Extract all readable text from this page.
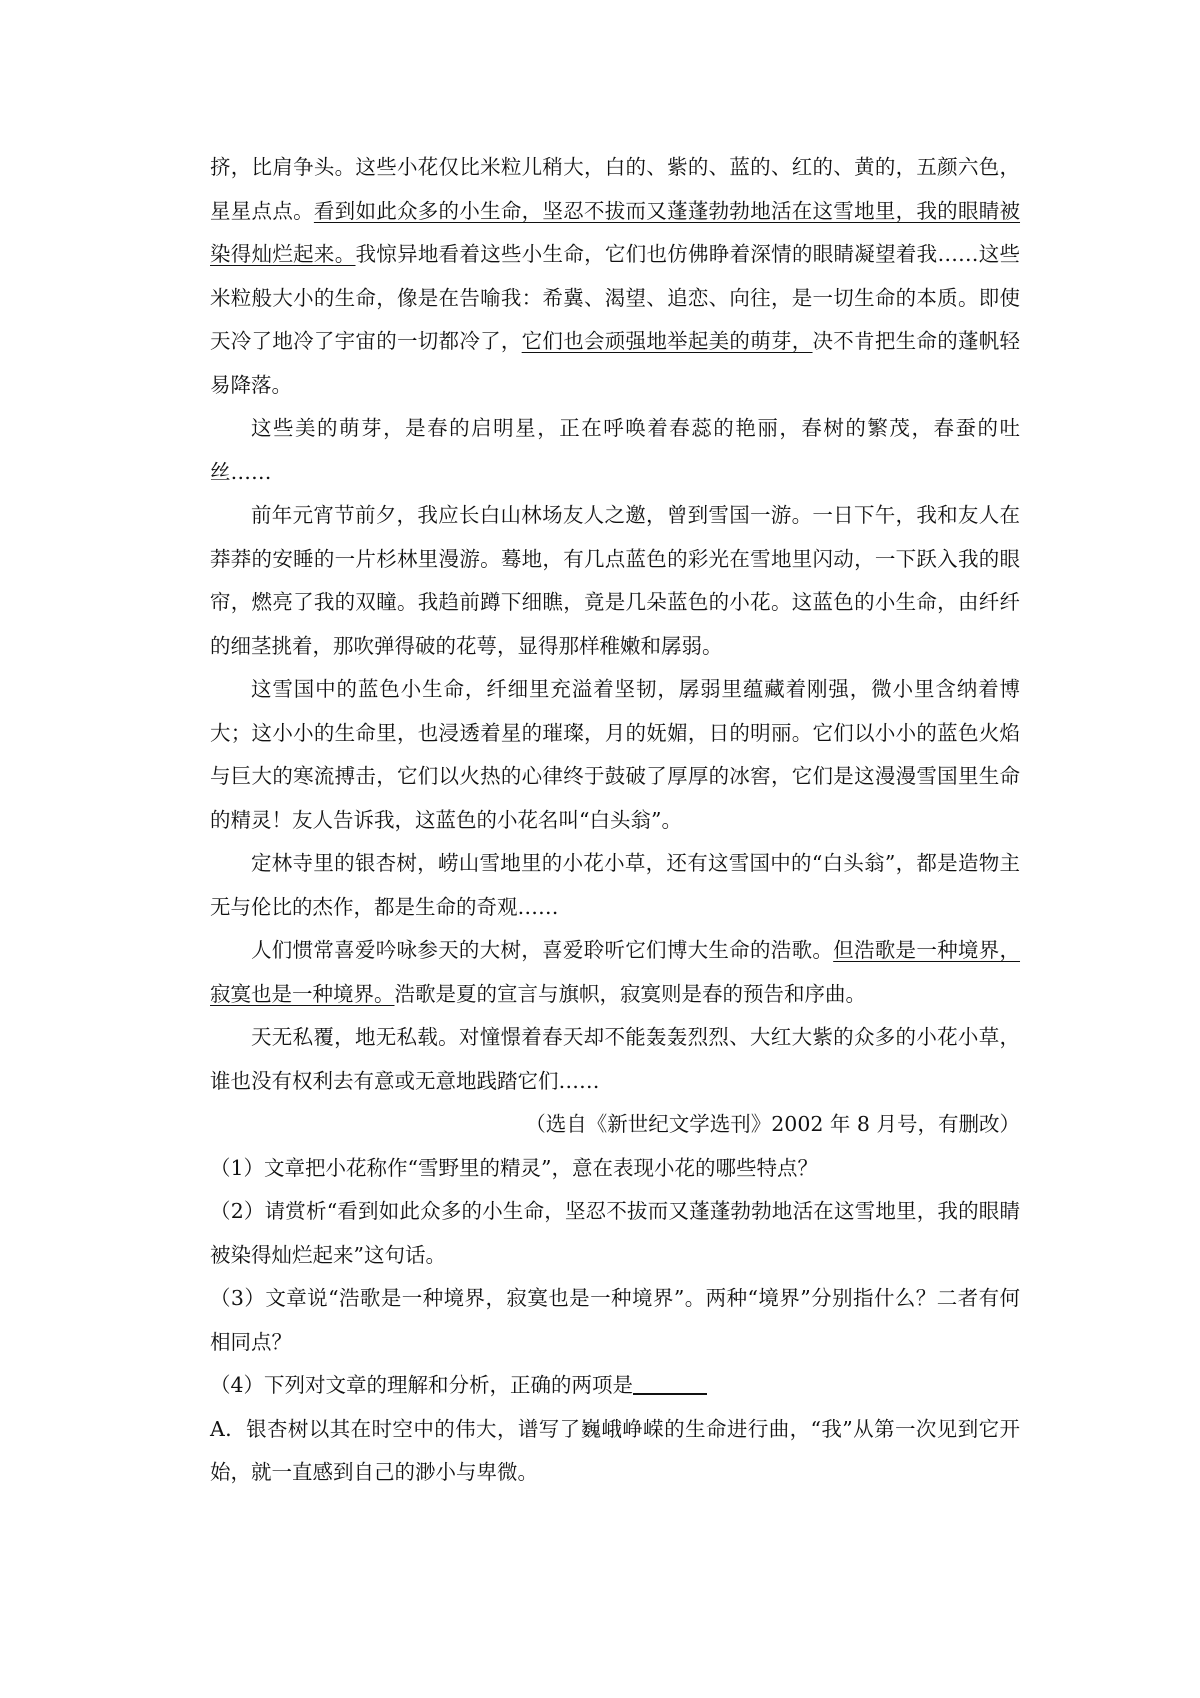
挤，比肩争头。这些小花仅比米粒儿稍大，白的、紫的、蓝的、红的、黄的，五颜六色，星星点点。看到如此众多的小生命，坚忍不拔而又蓬蓬勃勃地活在这雪地里，我的眼睛被染得灿烂起来。我惊异地看着这些小生命，它们也仿佛睁着深情的眼睛凝望着我……这些米粒般大小的生命，像是在告喻我：希冀、渴望、追恋、向往，是一切生命的本质。即使天冷了地冷了宇宙的一切都冷了，它们也会顽强地举起美的萌芽，决不肯把生命的蓬帆轻易降落。

这些美的萌芽，是春的启明星，正在呼唤着春蕊的艳丽，春树的繁茂，春蚕的吐丝……

前年元宵节前夕，我应长白山林场友人之邀，曾到雪国一游。一日下午，我和友人在莽莽的安睡的一片杉林里漫游。蓦地，有几点蓝色的彩光在雪地里闪动，一下跃入我的眼帘，燃亮了我的双瞳。我趋前蹲下细瞧，竟是几朵蓝色的小花。这蓝色的小生命，由纤纤的细茎挑着，那吹弹得破的花萼，显得那样稚嫩和孱弱。

这雪国中的蓝色小生命，纤细里充溢着坚韧，孱弱里蕴藏着刚强，微小里含纳着博大；这小小的生命里，也浸透着星的璀璨，月的妩媚，日的明丽。它们以小小的蓝色火焰与巨大的寒流搏击，它们以火热的心律终于鼓破了厚厚的冰窖，它们是这漫漫雪国里生命的精灵！友人告诉我，这蓝色的小花名叫“白头翁”。

定林寺里的银杏树，崂山雪地里的小花小草，还有这雪国中的“白头翁”，都是造物主无与伦比的杰作，都是生命的奇观……

人们惯常喜爱吟咏参天的大树，喜爱聆听它们博大生命的浩歌。但浩歌是一种境界，寂寞也是一种境界。浩歌是夏的宣言与旗帜，寂寞则是春的预告和序曲。

天无私覆，地无私载。对憧憬着春天却不能轰轰烈烈、大红大紫的众多的小花小草，谁也没有权利去有意或无意地践踏它们……

（选自《新世纪文学选刊》2002 年 8 月号，有删改）

（1）文章把小花称作“雪野里的精灵”，意在表现小花的哪些特点？

（2）请赏析“看到如此众多的小生命，坚忍不拔而又蓬蓬勃勃地活在这雪地里，我的眼睛被染得灿烂起来”这句话。

（3）文章说“浩歌是一种境界，寂寞也是一种境界”。两种“境界”分别指什么？二者有何相同点？

（4）下列对文章的理解和分析，正确的两项是

A．银杏树以其在时空中的伟大，谱写了巍峨峥嵘的生命进行曲，“我”从第一次见到它开始，就一直感到自己的渺小与卑微。
